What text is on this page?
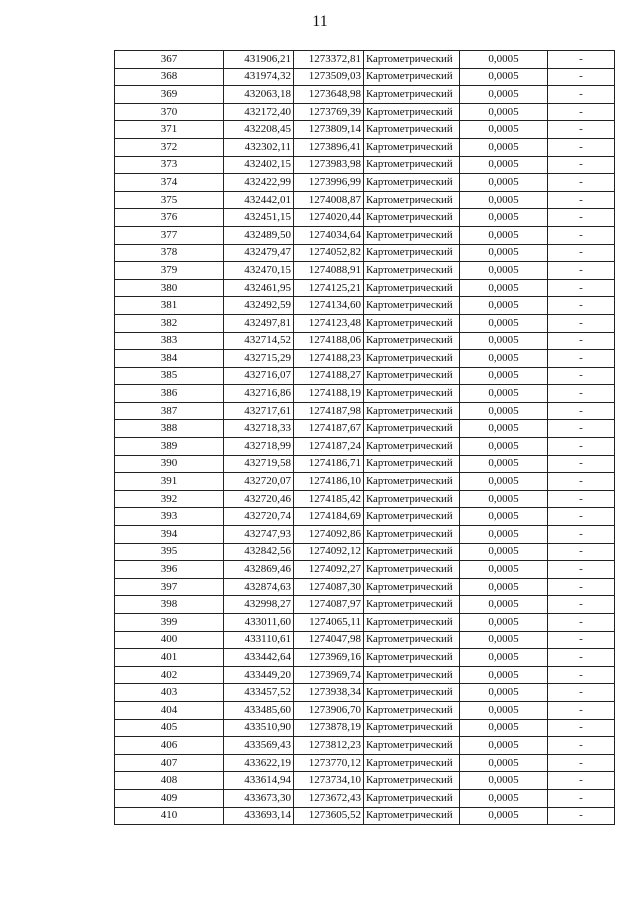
11
367	431906,21	1273372,81	Картометрический	0,0005	-
368	431974,32	1273509,03	Картометрический	0,0005	-
369	432063,18	1273648,98	Картометрический	0,0005	-
370	432172,40	1273769,39	Картометрический	0,0005	-
371	432208,45	1273809,14	Картометрический	0,0005	-
372	432302,11	1273896,41	Картометрический	0,0005	-
373	432402,15	1273983,98	Картометрический	0,0005	-
374	432422,99	1273996,99	Картометрический	0,0005	-
375	432442,01	1274008,87	Картометрический	0,0005	-
376	432451,15	1274020,44	Картометрический	0,0005	-
377	432489,50	1274034,64	Картометрический	0,0005	-
378	432479,47	1274052,82	Картометрический	0,0005	-
379	432470,15	1274088,91	Картометрический	0,0005	-
380	432461,95	1274125,21	Картометрический	0,0005	-
381	432492,59	1274134,60	Картометрический	0,0005	-
382	432497,81	1274123,48	Картометрический	0,0005	-
383	432714,52	1274188,06	Картометрический	0,0005	-
384	432715,29	1274188,23	Картометрический	0,0005	-
385	432716,07	1274188,27	Картометрический	0,0005	-
386	432716,86	1274188,19	Картометрический	0,0005	-
387	432717,61	1274187,98	Картометрический	0,0005	-
388	432718,33	1274187,67	Картометрический	0,0005	-
389	432718,99	1274187,24	Картометрический	0,0005	-
390	432719,58	1274186,71	Картометрический	0,0005	-
391	432720,07	1274186,10	Картометрический	0,0005	-
392	432720,46	1274185,42	Картометрический	0,0005	-
393	432720,74	1274184,69	Картометрический	0,0005	-
394	432747,93	1274092,86	Картометрический	0,0005	-
395	432842,56	1274092,12	Картометрический	0,0005	-
396	432869,46	1274092,27	Картометрический	0,0005	-
397	432874,63	1274087,30	Картометрический	0,0005	-
398	432998,27	1274087,97	Картометрический	0,0005	-
399	433011,60	1274065,11	Картометрический	0,0005	-
400	433110,61	1274047,98	Картометрический	0,0005	-
401	433442,64	1273969,16	Картометрический	0,0005	-
402	433449,20	1273969,74	Картометрический	0,0005	-
403	433457,52	1273938,34	Картометрический	0,0005	-
404	433485,60	1273906,70	Картометрический	0,0005	-
405	433510,90	1273878,19	Картометрический	0,0005	-
406	433569,43	1273812,23	Картометрический	0,0005	-
407	433622,19	1273770,12	Картометрический	0,0005	-
408	433614,94	1273734,10	Картометрический	0,0005	-
409	433673,30	1273672,43	Картометрический	0,0005	-
410	433693,14	1273605,52	Картометрический	0,0005	-
